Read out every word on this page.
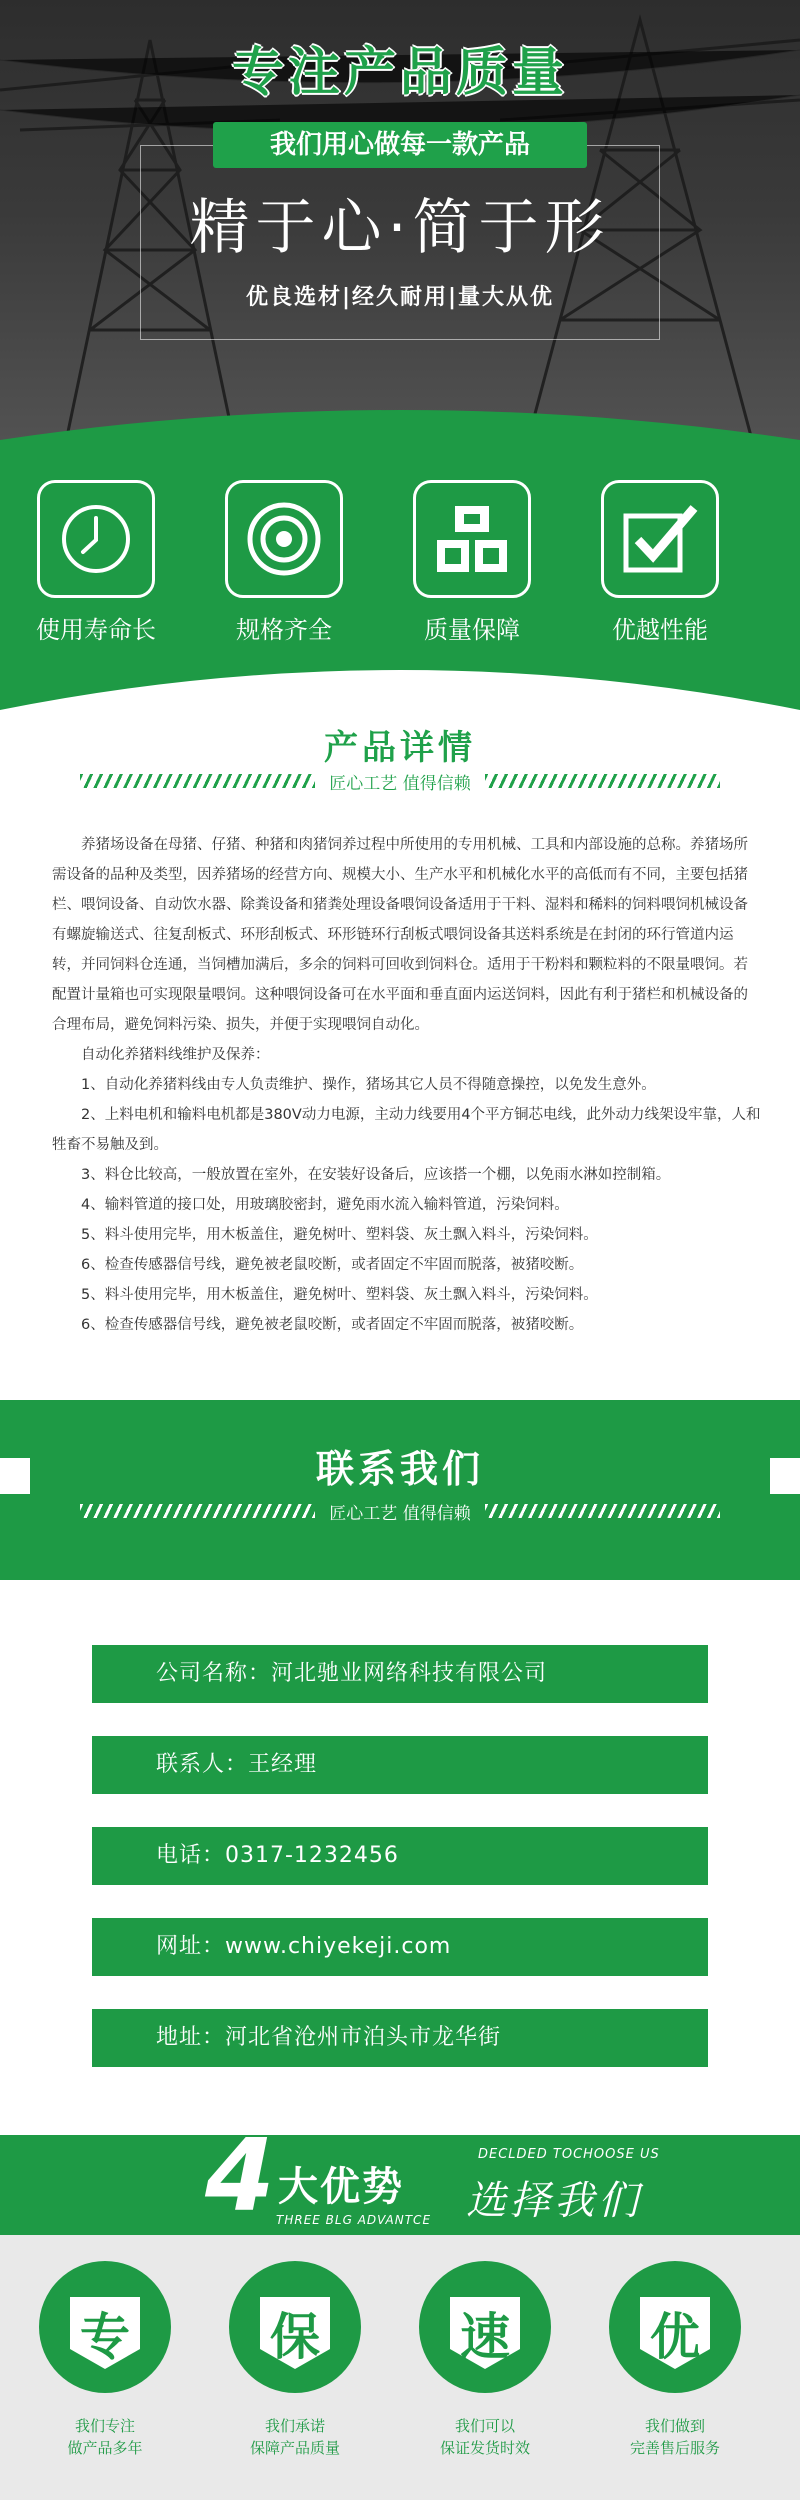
专注产品质量
我们用心做每一款产品
精于心·简于形
优良选材|经久耐用|量大从优
使用寿命长	规格齐全	质量保障	优越性能
产品详情
匠心工艺 值得信赖

养猪场设备在母猪、仔猪、种猪和肉猪饲养过程中所使用的专用机械、工具和内部设施的总称。养猪场所需设备的品种及类型，因养猪场的经营方向、规模大小、生产水平和机械化水平的高低而有不同，主要包括猪栏、喂饲设备、自动饮水器、除粪设备和猪粪处理设备喂饲设备适用于干料、湿料和稀料的饲料喂饲机械设备有螺旋输送式、往复刮板式、环形刮板式、环形链环行刮板式喂饲设备其送料系统是在封闭的环行管道内运转，并同饲料仓连通，当饲槽加满后，多余的饲料可回收到饲料仓。适用于干粉料和颗粒料的不限量喂饲。若配置计量箱也可实现限量喂饲。这种喂饲设备可在水平面和垂直面内运送饲料，因此有利于猪栏和机械设备的合理布局，避免饲料污染、损失，并便于实现喂饲自动化。

自动化养猪料线维护及保养：

1、自动化养猪料线由专人负责维护、操作，猪场其它人员不得随意操控，以免发生意外。

2、上料电机和输料电机都是380V动力电源，主动力线要用4个平方铜芯电线，此外动力线架设牢靠，人和牲畜不易触及到。

3、料仓比较高，一般放置在室外，在安装好设备后，应该搭一个棚，以免雨水淋如控制箱。

4、输料管道的接口处，用玻璃胶密封，避免雨水流入输料管道，污染饲料。

5、料斗使用完毕，用木板盖住，避免树叶、塑料袋、灰土飘入料斗，污染饲料。

6、检查传感器信号线，避免被老鼠咬断，或者固定不牢固而脱落，被猪咬断。

5、料斗使用完毕，用木板盖住，避免树叶、塑料袋、灰土飘入料斗，污染饲料。

6、检查传感器信号线，避免被老鼠咬断，或者固定不牢固而脱落，被猪咬断。

联系我们
匠心工艺 值得信赖
公司名称：河北驰业网络科技有限公司
联系人：王经理
电话：0317-1232456
网址：www.chiyekeji.com
地址：河北省沧州市泊头市龙华街
4 大优势
THREE BLG ADVANTCE
DECLDED TOCHOOSE US
选择我们
专
我们专注
做产品多年
保
我们承诺
保障产品质量
速
我们可以
保证发货时效
优
我们做到
完善售后服务
